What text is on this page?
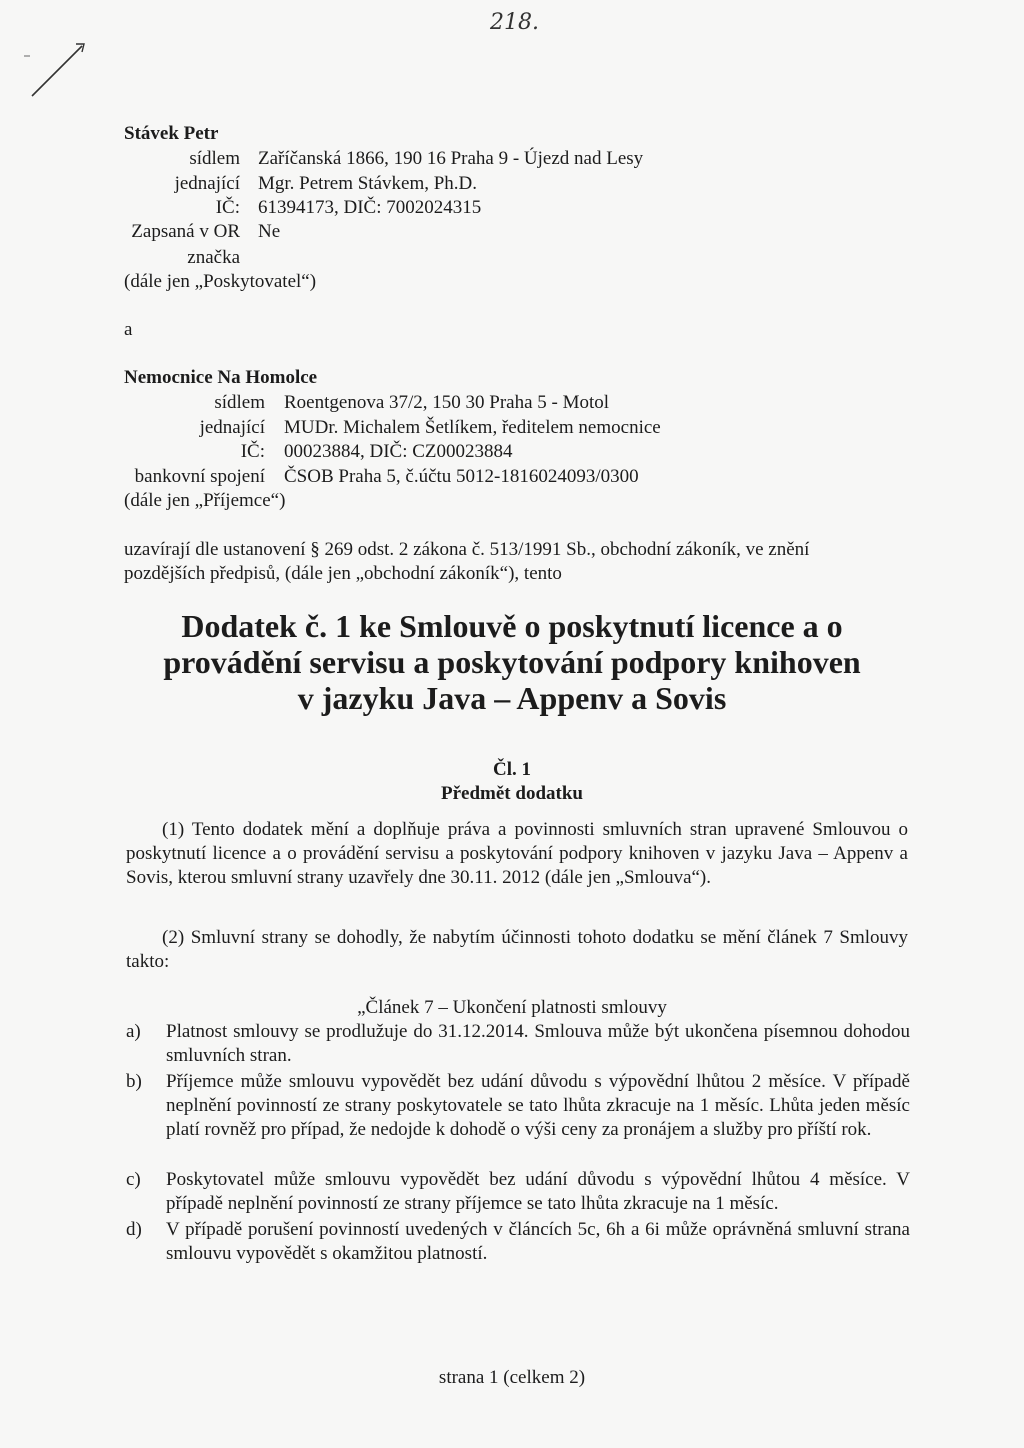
218.
Stávek Petr
sídlem Zaříčanská 1866, 190 16 Praha 9 - Újezd nad Lesy
jednající Mgr. Petrem Stávkem, Ph.D.
IČ: 61394173, DIČ: 7002024315
Zapsaná v OR Ne
značka
(dále jen „Poskytovatel“)
a
Nemocnice Na Homolce
sídlem Roentgenova 37/2, 150 30 Praha 5 - Motol
jednající MUDr. Michalem Šetlíkem, ředitelem nemocnice
IČ: 00023884, DIČ: CZ00023884
bankovní spojení ČSOB Praha 5, č.účtu 5012-1816024093/0300
(dále jen „Příjemce“)
uzavírají dle ustanovení § 269 odst. 2 zákona č. 513/1991 Sb., obchodní zákoník, ve znění
pozdějších předpisů, (dále jen „obchodní zákoník“), tento
Dodatek č. 1 ke Smlouvě o poskytnutí licence a o
provádění servisu a poskytování podpory knihoven
v jazyku Java – Appenv a Sovis
Čl. 1
Předmět dodatku
(1) Tento dodatek mění a doplňuje práva a povinnosti smluvních stran upravené Smlouvou o poskytnutí licence a o provádění servisu a poskytování podpory knihoven v jazyku Java – Appenv a Sovis, kterou smluvní strany uzavřely dne 30.11. 2012 (dále jen „Smlouva“).
(2) Smluvní strany se dohodly, že nabytím účinnosti tohoto dodatku se mění článek 7 Smlouvy takto:
„Článek 7 – Ukončení platnosti smlouvy
a) Platnost smlouvy se prodlužuje do 31.12.2014. Smlouva může být ukončena písemnou dohodou smluvních stran.
b) Příjemce může smlouvu vypovědět bez udání důvodu s výpovědní lhůtou 2 měsíce. V případě neplnění povinností ze strany poskytovatele se tato lhůta zkracuje na 1 měsíc. Lhůta jeden měsíc platí rovněž pro případ, že nedojde k dohodě o výši ceny za pronájem a služby pro příští rok.
c) Poskytovatel může smlouvu vypovědět bez udání důvodu s výpovědní lhůtou 4 měsíce. V případě neplnění povinností ze strany příjemce se tato lhůta zkracuje na 1 měsíc.
d) V případě porušení povinností uvedených v článcích 5c, 6h a 6i může oprávněná smluvní strana smlouvu vypovědět s okamžitou platností.
strana 1 (celkem 2)
